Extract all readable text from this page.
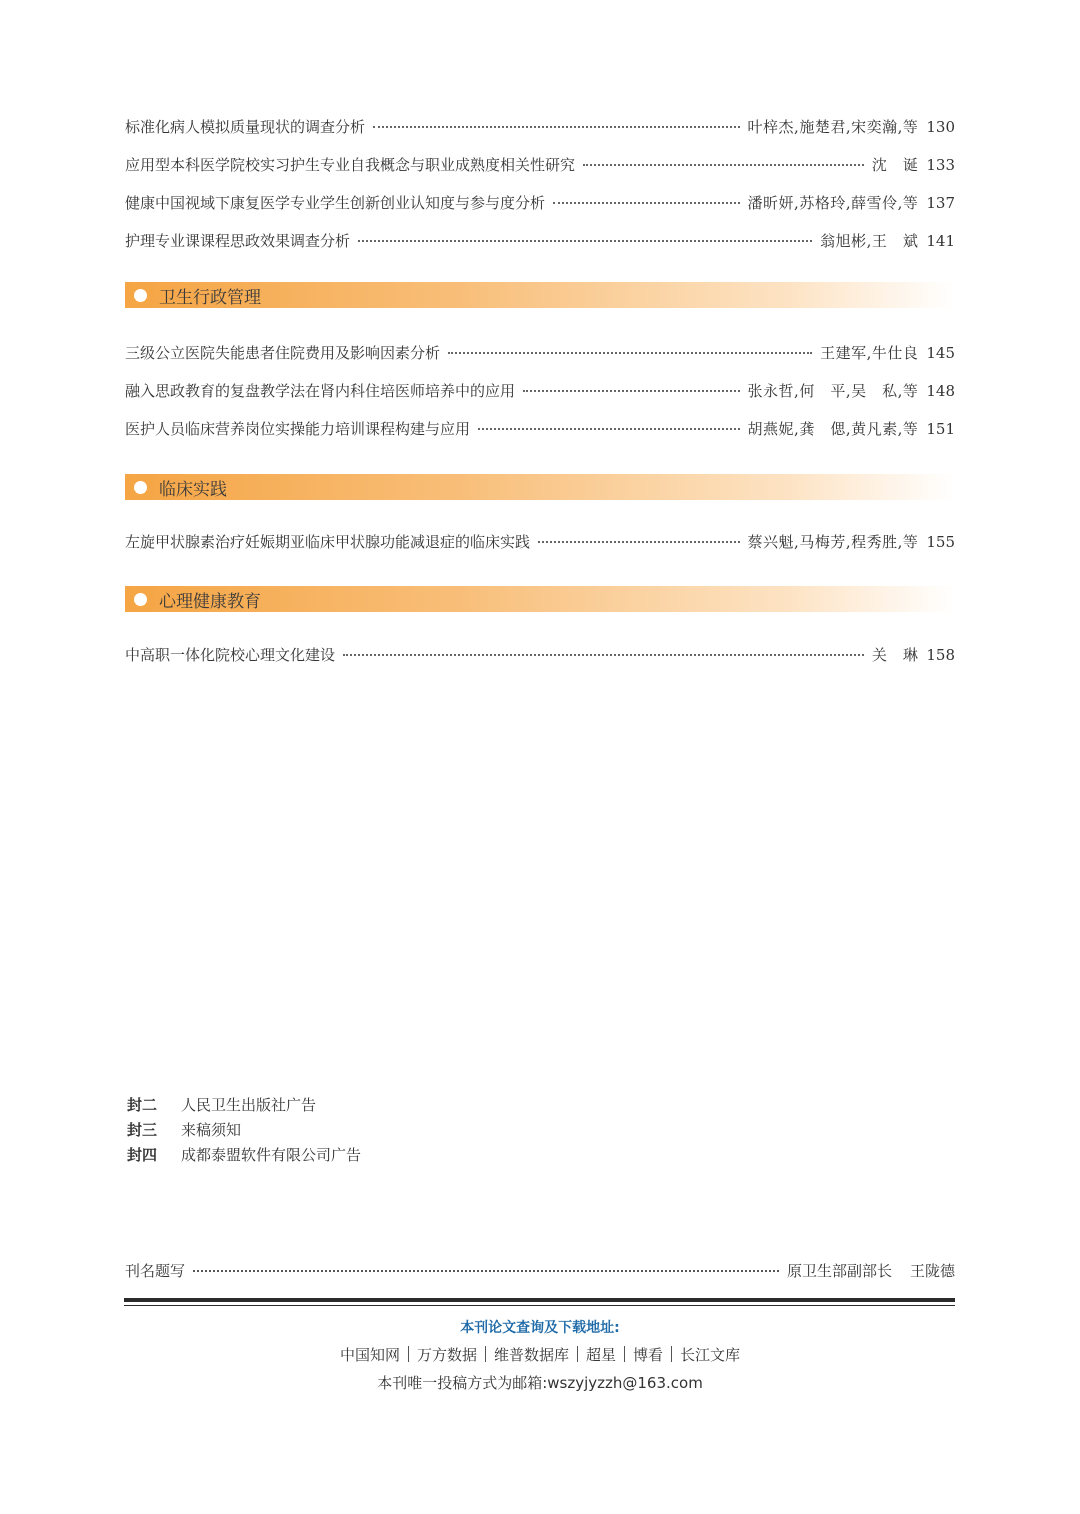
标准化病人模拟质量现状的调查分析	叶梓杰,施楚君,宋奕瀚,等 130
应用型本科医学院校实习护生专业自我概念与职业成熟度相关性研究	沈　诞 133
健康中国视域下康复医学专业学生创新创业认知度与参与度分析	潘昕妍,苏格玲,薛雪伶,等 137
护理专业课课程思政效果调查分析	翁旭彬,王　斌 141
卫生行政管理
三级公立医院失能患者住院费用及影响因素分析	王建军,牛仕良 145
融入思政教育的复盘教学法在肾内科住培医师培养中的应用	张永哲,何　平,吴　私,等 148
医护人员临床营养岗位实操能力培训课程构建与应用	胡燕妮,龚　偲,黄凡素,等 151
临床实践
左旋甲状腺素治疗妊娠期亚临床甲状腺功能减退症的临床实践	蔡兴魁,马梅芳,程秀胜,等 155
心理健康教育
中高职一体化院校心理文化建设	关　琳 158
封二	人民卫生出版社广告
封三	来稿须知
封四	成都泰盟软件有限公司广告
刊名题写	原卫生部副部长 王陇德
本刊论文查询及下载地址:
中国知网 万方数据 维普数据库 超星 博看 长江文库
本刊唯一投稿方式为邮箱:wszyjyzzh@163.com
